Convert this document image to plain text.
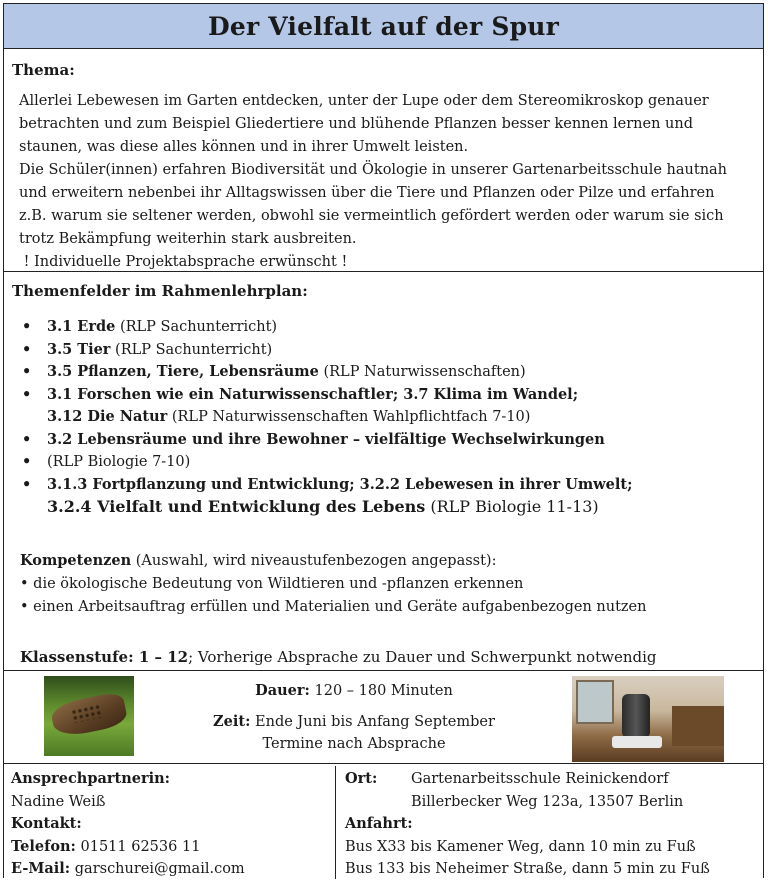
Der Vielfalt auf der Spur
Thema:

Allerlei Lebewesen im Garten entdecken, unter der Lupe oder dem Stereomikroskop genauer

betrachten und zum Beispiel Gliedertiere und blühende Pflanzen besser kennen lernen und

staunen, was diese alles können und in ihrer Umwelt leisten.

Die Schüler(innen) erfahren Biodiversität und Ökologie in unserer Gartenarbeitsschule hautnah

und erweitern nebenbei ihr Alltagswissen über die Tiere und Pflanzen oder Pilze und erfahren

z.B. warum sie seltener werden, obwohl sie vermeintlich gefördert werden oder warum sie sich

trotz Bekämpfung weiterhin stark ausbreiten.

! Individuelle Projektabsprache erwünscht !

Themenfelder im Rahmenlehrplan:
• 3.1 Erde (RLP Sachunterricht)
• 3.5 Tier (RLP Sachunterricht)
• 3.5 Pflanzen, Tiere, Lebensräume (RLP Naturwissenschaften)
• 3.1 Forschen wie ein Naturwissenschaftler; 3.7 Klima im Wandel;
3.12 Die Natur (RLP Naturwissenschaften Wahlpflichtfach 7-10)
• 3.2 Lebensräume und ihre Bewohner – vielfältige Wechselwirkungen
• (RLP Biologie 7-10)
• 3.1.3 Fortpflanzung und Entwicklung; 3.2.2 Lebewesen in ihrer Umwelt;
3.2.4 Vielfalt und Entwicklung des Lebens (RLP Biologie 11-13)

Kompetenzen (Auswahl, wird niveaustufenbezogen angepasst):

• die ökologische Bedeutung von Wildtieren und -pflanzen erkennen

• einen Arbeitsauftrag erfüllen und Materialien und Geräte aufgabenbezogen nutzen

Klassenstufe: 1 – 12; Vorherige Absprache zu Dauer und Schwerpunkt notwendig

Dauer: 120 – 180 Minuten

Zeit: Ende Juni bis Anfang September

Termine nach Absprache

Ansprechpartnerin:

Nadine Weiß

Kontakt:

Telefon: 01511 62536 11

E-Mail: garschurei@gmail.com

Ort:	Gartenarbeitsschule Reinickendorf

Billerbecker Weg 123a, 13507 Berlin

Anfahrt:

Bus X33 bis Kamener Weg, dann 10 min zu Fuß

Bus 133 bis Neheimer Straße, dann 5 min zu Fuß
